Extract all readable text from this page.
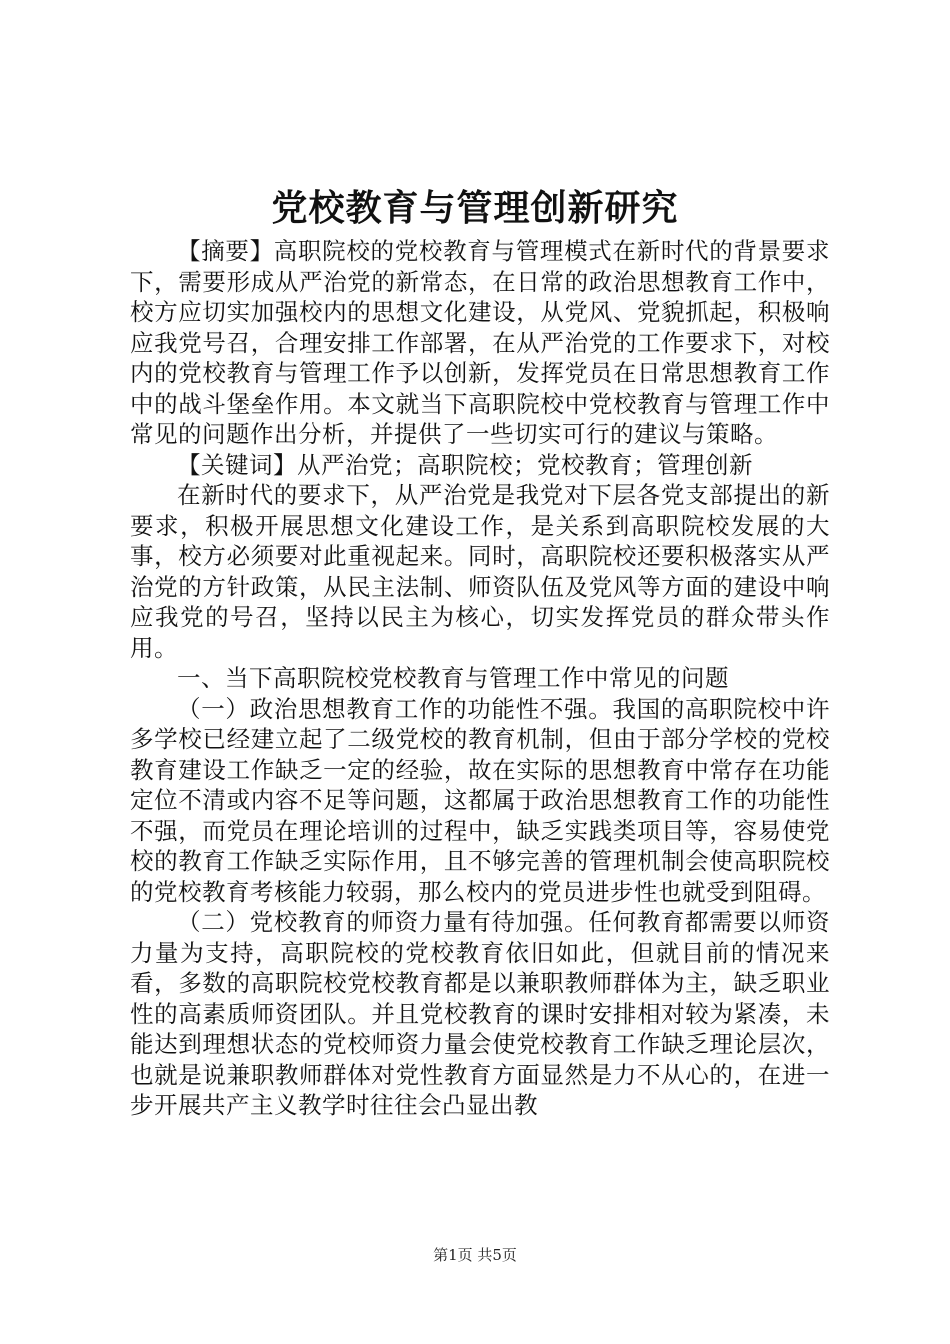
党校教育与管理创新研究

【摘要】高职院校的党校教育与管理模式在新时代的背景要求下，需要形成从严治党的新常态，在日常的政治思想教育工作中，校方应切实加强校内的思想文化建设，从党风、党貌抓起，积极响应我党号召，合理安排工作部署，在从严治党的工作要求下，对校内的党校教育与管理工作予以创新，发挥党员在日常思想教育工作中的战斗堡垒作用。本文就当下高职院校中党校教育与管理工作中常见的问题作出分析，并提供了一些切实可行的建议与策略。

【关键词】从严治党；高职院校；党校教育；管理创新

在新时代的要求下，从严治党是我党对下层各党支部提出的新要求，积极开展思想文化建设工作，是关系到高职院校发展的大事，校方必须要对此重视起来。同时，高职院校还要积极落实从严治党的方针政策，从民主法制、师资队伍及党风等方面的建设中响应我党的号召，坚持以民主为核心，切实发挥党员的群众带头作用。

一、当下高职院校党校教育与管理工作中常见的问题

（一）政治思想教育工作的功能性不强。我国的高职院校中许多学校已经建立起了二级党校的教育机制，但由于部分学校的党校教育建设工作缺乏一定的经验，故在实际的思想教育中常存在功能定位不清或内容不足等问题，这都属于政治思想教育工作的功能性不强，而党员在理论培训的过程中，缺乏实践类项目等，容易使党校的教育工作缺乏实际作用，且不够完善的管理机制会使高职院校的党校教育考核能力较弱，那么校内的党员进步性也就受到阻碍。

（二）党校教育的师资力量有待加强。任何教育都需要以师资力量为支持，高职院校的党校教育依旧如此，但就目前的情况来看，多数的高职院校党校教育都是以兼职教师群体为主，缺乏职业性的高素质师资团队。并且党校教育的课时安排相对较为紧凑，未能达到理想状态的党校师资力量会使党校教育工作缺乏理论层次，也就是说兼职教师群体对党性教育方面显然是力不从心的，在进一步开展共产主义教学时往往会凸显出教

第1页 共5页
